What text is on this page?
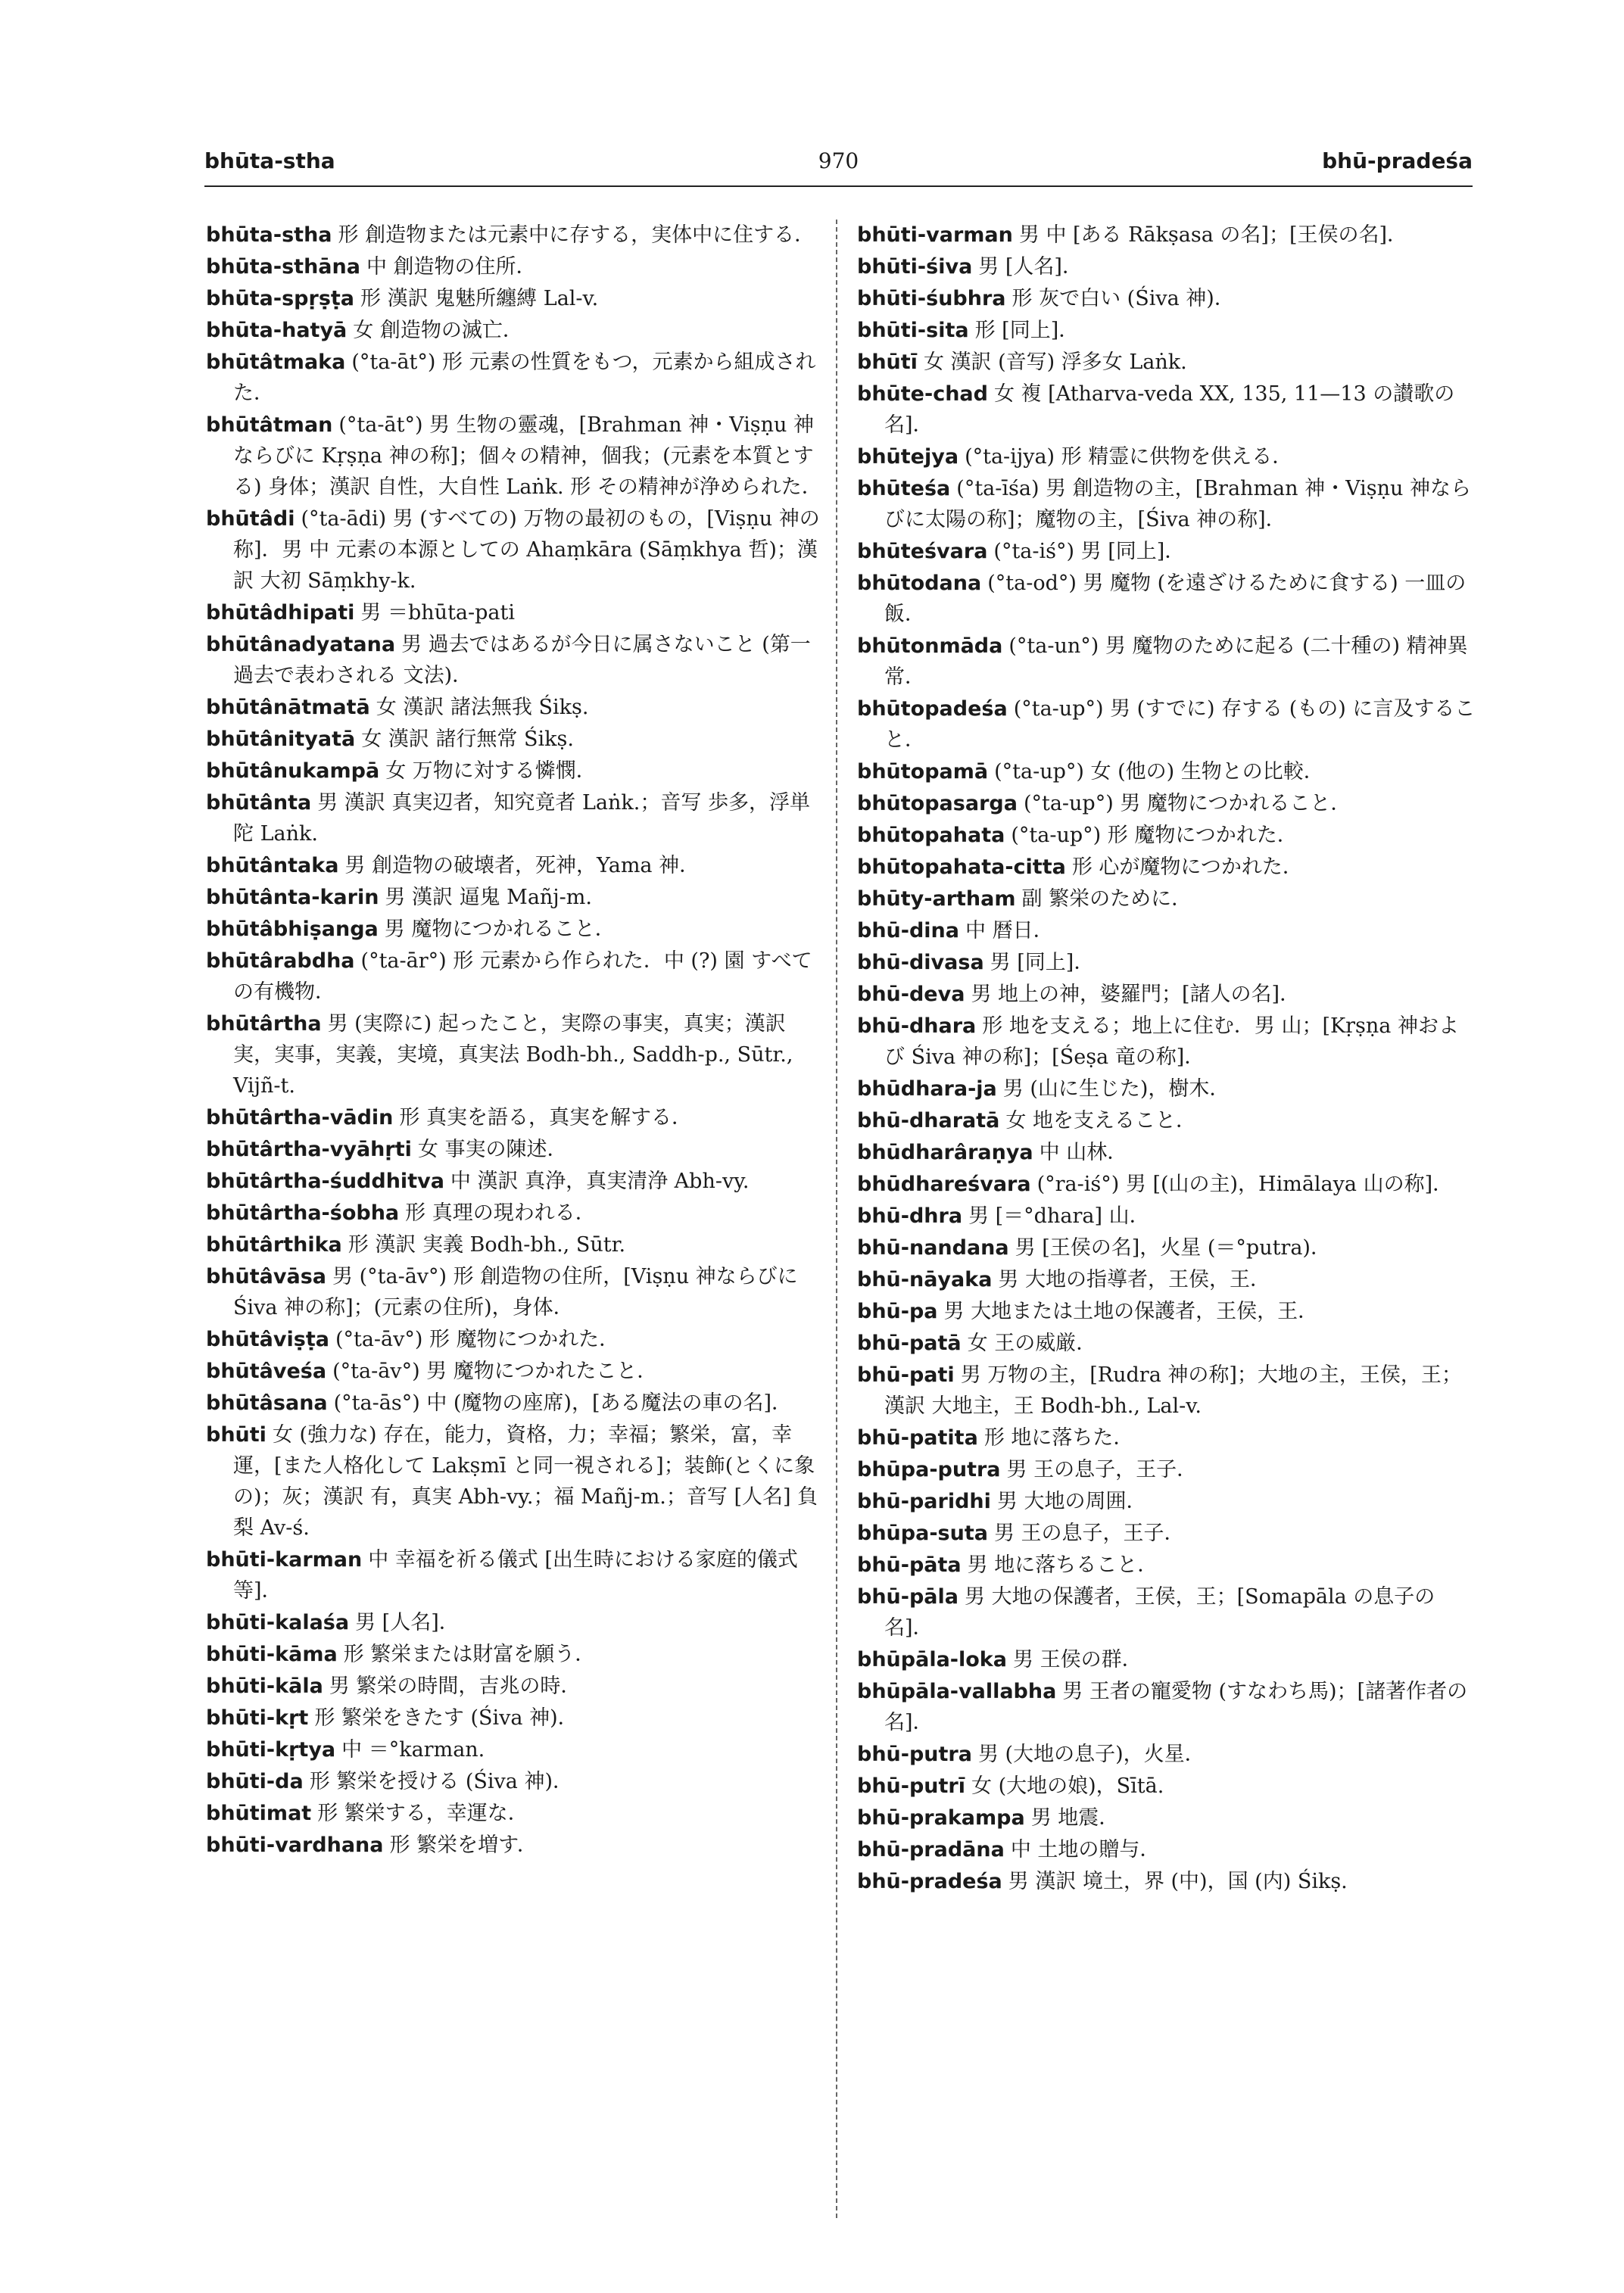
bhūta-stha	970	bhū-pradeśa
bhūta-stha 形 創造物または元素中に存する，実体中に住する．
bhūta-sthāna 中 創造物の住所．
bhūta-spṛṣṭa 形 漢訳 鬼魅所纏縛 Lal-v.
bhūta-hatyā 女 創造物の滅亡．
bhūtâtmaka (°ta-āt°) 形 元素の性質をもつ，元素から組成された．
bhūtâtman (°ta-āt°) 男 生物の靈魂，[Brahman 神・Viṣṇu 神ならびに Kṛṣṇa 神の称]；個々の精神，個我；(元素を本質とする) 身体；漢訳 自性，大自性 Laṅk. 形 その精神が浄められた．
bhūtâdi (°ta-ādi) 男 (すべての) 万物の最初のもの，[Viṣṇu 神の称]．男 中 元素の本源としての Ahaṃkāra (Sāṃkhya 哲)；漢訳 大初 Sāṃkhy-k.
bhūtâdhipati 男 ＝bhūta-pati
bhūtânadyatana 男 過去ではあるが今日に属さないこと (第一過去で表わされる 文法)．
bhūtânātmatā 女 漢訳 諸法無我 Śikṣ.
bhūtânityatā 女 漢訳 諸行無常 Śikṣ.
bhūtânukampā 女 万物に対する憐憫．
bhūtânta 男 漢訳 真実辺者，知究竟者 Laṅk.；音写 歩多，浮単陀 Laṅk.
bhūtântaka 男 創造物の破壊者，死神，Yama 神．
bhūtânta-karin 男 漢訳 逼鬼 Mañj-m.
bhūtâbhiṣanga 男 魔物につかれること．
bhūtârabdha (°ta-ār°) 形 元素から作られた．中 (?) 園 すべての有機物．
bhūtârtha 男 (実際に) 起ったこと，実際の事実，真実；漢訳 実，実事，実義，実境，真実法 Bodh-bh., Saddh-p., Sūtr., Vijñ-t.
bhūtârtha-vādin 形 真実を語る，真実を解する．
bhūtârtha-vyāhṛti 女 事実の陳述．
bhūtârtha-śuddhitva 中 漢訳 真浄，真実清浄 Abh-vy.
bhūtârtha-śobha 形 真理の現われる．
bhūtârthika 形 漢訳 実義 Bodh-bh., Sūtr.
bhūtâvāsa 男 (°ta-āv°) 形 創造物の住所，[Viṣṇu 神ならびに Śiva 神の称]；(元素の住所)，身体．
bhūtâviṣṭa (°ta-āv°) 形 魔物につかれた．
bhūtâveśa (°ta-āv°) 男 魔物につかれたこと．
bhūtâsana (°ta-ās°) 中 (魔物の座席)，[ある魔法の車の名]．
bhūti 女 (強力な) 存在，能力，資格，力；幸福；繁栄，富，幸運，[また人格化して Lakṣmī と同一視される]；装飾(とくに象の)；灰；漢訳 有，真実 Abh-vy.；福 Mañj-m.；音写 [人名] 負梨 Av-ś.
bhūti-karman 中 幸福を祈る儀式 [出生時における家庭的儀式等]．
bhūti-kalaśa 男 [人名]．
bhūti-kāma 形 繁栄または財富を願う．
bhūti-kāla 男 繁栄の時間，吉兆の時．
bhūti-kṛt 形 繁栄をきたす (Śiva 神)．
bhūti-kṛtya 中 ＝°karman.
bhūti-da 形 繁栄を授ける (Śiva 神)．
bhūtimat 形 繁栄する，幸運な．
bhūti-vardhana 形 繁栄を増す．
bhūti-varman 男 中 [ある Rākṣasa の名]；[王侯の名]．
bhūti-śiva 男 [人名]．
bhūti-śubhra 形 灰で白い (Śiva 神)．
bhūti-sita 形 [同上]．
bhūtī 女 漢訳 (音写) 浮多女 Laṅk.
bhūte-chad 女 複 [Atharva-veda XX, 135, 11—13 の讃歌の名]．
bhūtejya (°ta-ijya) 形 精霊に供物を供える．
bhūteśa (°ta-īśa) 男 創造物の主，[Brahman 神・Viṣṇu 神ならびに太陽の称]；魔物の主，[Śiva 神の称]．
bhūteśvara (°ta-iś°) 男 [同上]．
bhūtodana (°ta-od°) 男 魔物 (を遠ざけるために食する) 一皿の飯．
bhūtonmāda (°ta-un°) 男 魔物のために起る (二十種の) 精神異常．
bhūtopadeśa (°ta-up°) 男 (すでに) 存する (もの) に言及すること．
bhūtopamā (°ta-up°) 女 (他の) 生物との比較．
bhūtopasarga (°ta-up°) 男 魔物につかれること．
bhūtopahata (°ta-up°) 形 魔物につかれた．
bhūtopahata-citta 形 心が魔物につかれた．
bhūty-artham 副 繁栄のために．
bhū-dina 中 暦日．
bhū-divasa 男 [同上]．
bhū-deva 男 地上の神，婆羅門；[諸人の名]．
bhū-dhara 形 地を支える；地上に住む．男 山；[Kṛṣṇa 神および Śiva 神の称]；[Śeṣa 竜の称]．
bhūdhara-ja 男 (山に生じた)，樹木．
bhū-dharatā 女 地を支えること．
bhūdharâraṇya 中 山林．
bhūdhareśvara (°ra-iś°) 男 [(山の主)，Himālaya 山の称]．
bhū-dhra 男 [＝°dhara] 山．
bhū-nandana 男 [王侯の名]，火星 (＝°putra)．
bhū-nāyaka 男 大地の指導者，王侯，王．
bhū-pa 男 大地または土地の保護者，王侯，王．
bhū-patā 女 王の威厳．
bhū-pati 男 万物の主，[Rudra 神の称]；大地の主，王侯，王；漢訳 大地主，王 Bodh-bh., Lal-v.
bhū-patita 形 地に落ちた．
bhūpa-putra 男 王の息子，王子．
bhū-paridhi 男 大地の周囲．
bhūpa-suta 男 王の息子，王子．
bhū-pāta 男 地に落ちること．
bhū-pāla 男 大地の保護者，王侯，王；[Somapāla の息子の名]．
bhūpāla-loka 男 王侯の群．
bhūpāla-vallabha 男 王者の寵愛物 (すなわち馬)；[諸著作者の名]．
bhū-putra 男 (大地の息子)，火星．
bhū-putrī 女 (大地の娘)，Sītā.
bhū-prakampa 男 地震．
bhū-pradāna 中 土地の贈与．
bhū-pradeśa 男 漢訳 境土，界 (中)，国 (内) Śikṣ.
